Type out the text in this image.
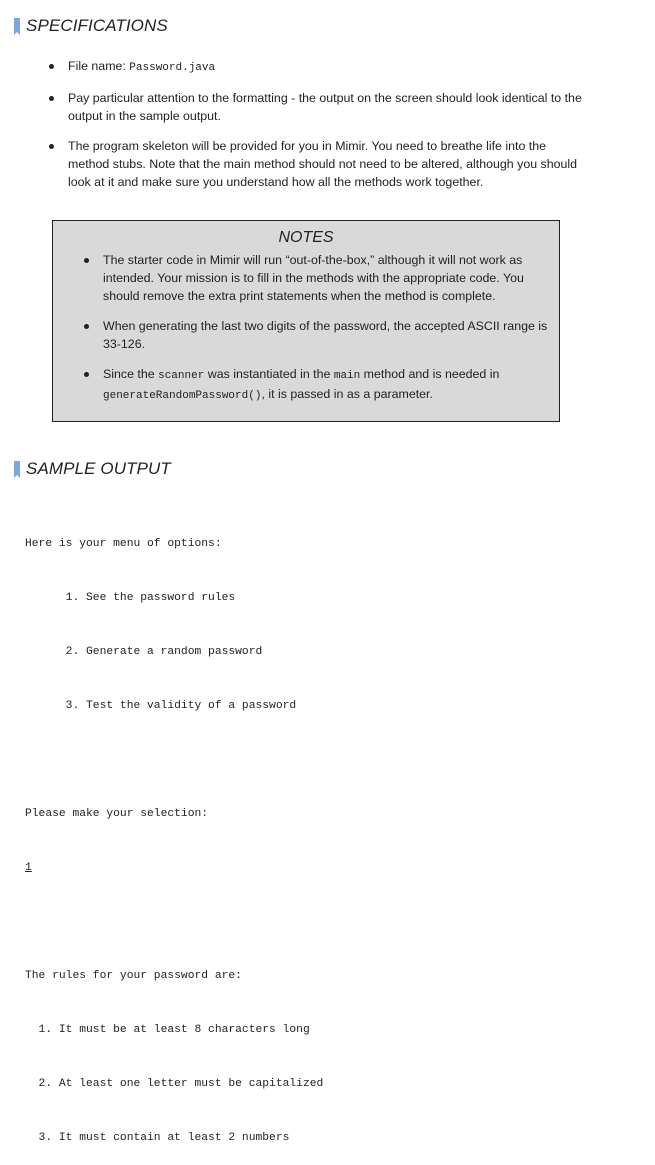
SPECIFICATIONS
File name: Password.java
Pay particular attention to the formatting - the output on the screen should look identical to the output in the sample output.
The program skeleton will be provided for you in Mimir. You need to breathe life into the method stubs. Note that the main method should not need to be altered, although you should look at it and make sure you understand how all the methods work together.
NOTES
The starter code in Mimir will run “out-of-the-box,” although it will not work as intended. Your mission is to fill in the methods with the appropriate code. You should remove the extra print statements when the method is complete.
When generating the last two digits of the password, the accepted ASCII range is 33-126.
Since the scanner was instantiated in the main method and is needed in generateRandomPassword(), it is passed in as a parameter.
SAMPLE OUTPUT

Here is your menu of options:

1. See the password rules

2. Generate a random password

3. Test the validity of a password

Please make your selection:

1

The rules for your password are:

1. It must be at least 8 characters long

2. At least one letter must be capitalized

3. It must contain at least 2 numbers
